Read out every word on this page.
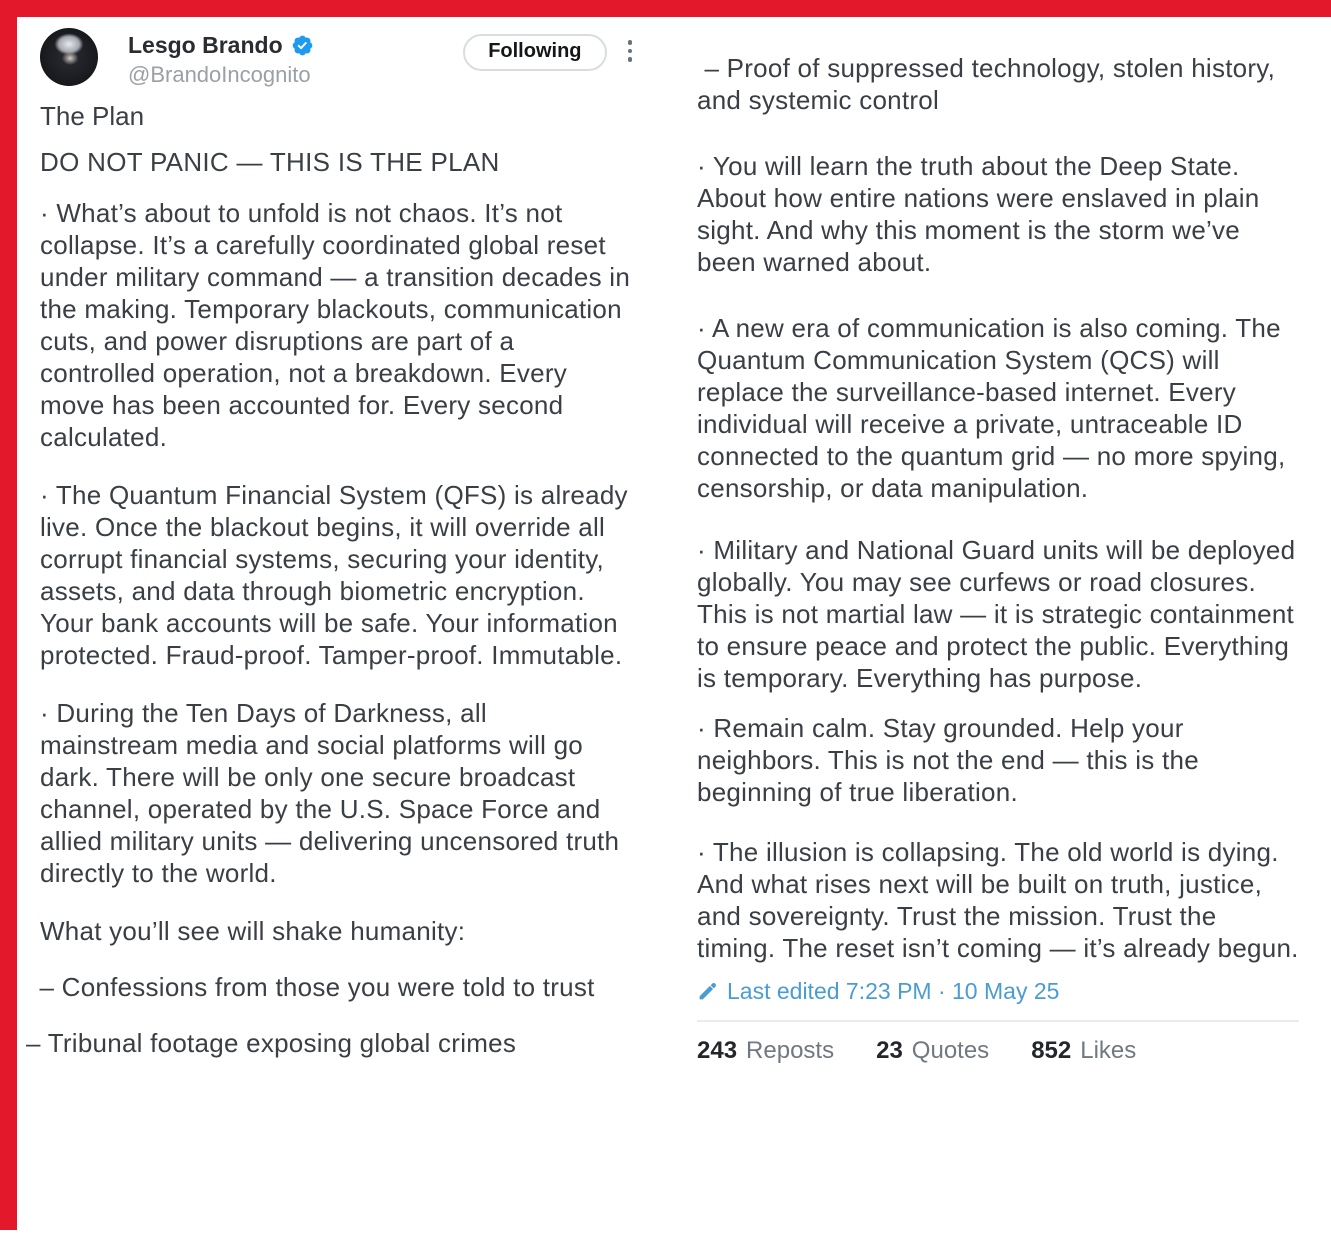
Lesgo Brando
@BrandoIncognito
Following

The Plan

DO NOT PANIC — THIS IS THE PLAN

· What’s about to unfold is not chaos. It’s not collapse. It’s a carefully coordinated global reset under military command — a transition decades in the making. Temporary blackouts, communication cuts, and power disruptions are part of a controlled operation, not a breakdown. Every move has been accounted for. Every second calculated.

· The Quantum Financial System (QFS) is already live. Once the blackout begins, it will override all corrupt financial systems, securing your identity, assets, and data through biometric encryption. Your bank accounts will be safe. Your information protected. Fraud-proof. Tamper-proof. Immutable.

· During the Ten Days of Darkness, all mainstream media and social platforms will go dark. There will be only one secure broadcast channel, operated by the U.S. Space Force and allied military units — delivering uncensored truth directly to the world.

What you’ll see will shake humanity:

– Confessions from those you were told to trust

– Tribunal footage exposing global crimes

– Proof of suppressed technology, stolen history, and systemic control

· You will learn the truth about the Deep State. About how entire nations were enslaved in plain sight. And why this moment is the storm we’ve been warned about.

· A new era of communication is also coming. The Quantum Communication System (QCS) will replace the surveillance-based internet. Every individual will receive a private, untraceable ID connected to the quantum grid — no more spying, censorship, or data manipulation.

· Military and National Guard units will be deployed globally. You may see curfews or road closures. This is not martial law — it is strategic containment to ensure peace and protect the public. Everything is temporary. Everything has purpose.

· Remain calm. Stay grounded. Help your neighbors. This is not the end — this is the beginning of true liberation.

· The illusion is collapsing. The old world is dying. And what rises next will be built on truth, justice, and sovereignty. Trust the mission. Trust the timing. The reset isn’t coming — it’s already begun.

Last edited 7:23 PM · 10 May 25
243 Reposts 23 Quotes 852 Likes
